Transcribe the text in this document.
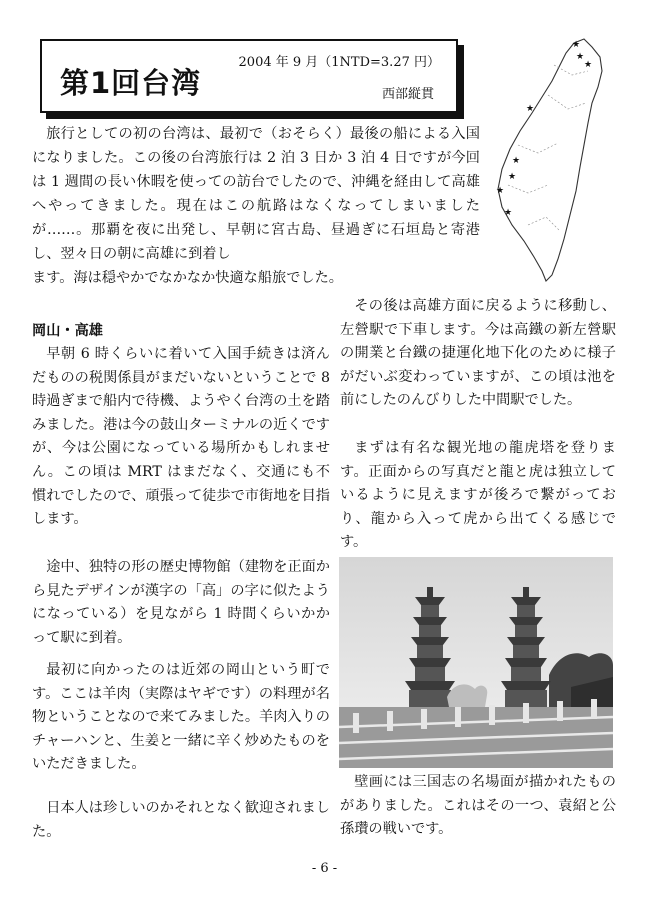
第1回台湾
2004 年 9 月（1NTD=3.27 円）
西部縦貫
★
★
★
★
★
★
★
★

旅行としての初の台湾は、最初で（おそらく）最後の船による入国になりました。この後の台湾旅行は 2 泊 3 日か 3 泊 4 日ですが今回は 1 週間の長い休暇を使っての訪台でしたので、沖縄を経由して高雄へやってきました。現在はこの航路はなくなってしまいましたが……。那覇を夜に出発し、早朝に宮古島、昼過ぎに石垣島と寄港し、翌々日の朝に高雄に到着し

ます。海は穏やかでなかなか快適な船旅でした。

岡山・高雄

早朝 6 時くらいに着いて入国手続きは済んだものの税関係員がまだいないということで 8 時過ぎまで船内で待機、ようやく台湾の土を踏みました。港は今の鼓山ターミナルの近くですが、今は公園になっている場所かもしれません。この頃は MRT はまだなく、交通にも不慣れでしたので、頑張って徒歩で市街地を目指します。

途中、独特の形の歴史博物館（建物を正面から見たデザインが漢字の「高」の字に似たようになっている）を見ながら 1 時間くらいかかって駅に到着。

最初に向かったのは近郊の岡山という町です。ここは羊肉（実際はヤギです）の料理が名物ということなので来てみました。羊肉入りのチャーハンと、生姜と一緒に辛く炒めたものをいただきました。

日本人は珍しいのかそれとなく歓迎されました。

その後は高雄方面に戻るように移動し、左營駅で下車します。今は高鐵の新左營駅の開業と台鐵の捷運化地下化のために様子がだいぶ変わっていますが、この頃は池を前にしたのんびりした中間駅でした。

まずは有名な観光地の龍虎塔を登ります。正面からの写真だと龍と虎は独立しているように見えますが後ろで繋がっており、龍から入って虎から出てくる感じです。

壁画には三国志の名場面が描かれたものがありました。これはその一つ、袁紹と公孫瓚の戦いです。

- 6 -
